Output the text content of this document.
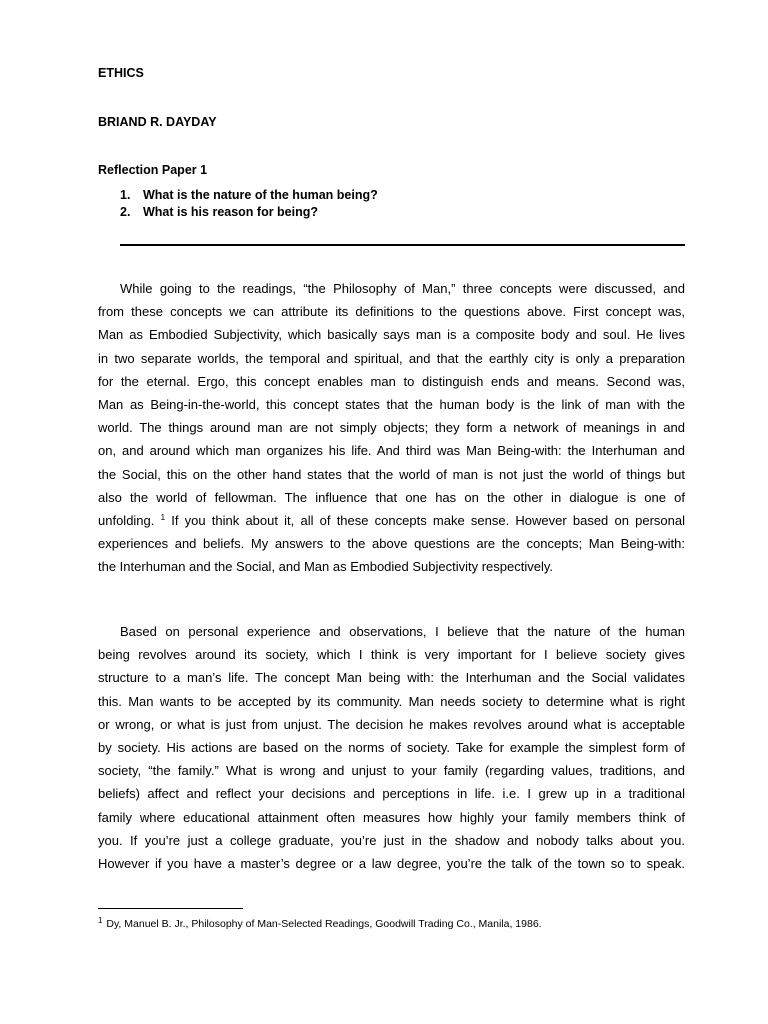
ETHICS
BRIAND R. DAYDAY
Reflection Paper 1
1. What is the nature of the human being?
2. What is his reason for being?
While going to the readings, “the Philosophy of Man,” three concepts were discussed, and
from these concepts we can attribute its definitions to the questions above. First concept was,
Man as Embodied Subjectivity, which basically says man is a composite body and soul. He lives
in two separate worlds, the temporal and spiritual, and that the earthly city is only a preparation
for the eternal. Ergo, this concept enables man to distinguish ends and means. Second was,
Man as Being-in-the-world, this concept states that the human body is the link of man with the
world. The things around man are not simply objects; they form a network of meanings in and
on, and around which man organizes his life. And third was Man Being-with: the Interhuman and
the Social, this on the other hand states that the world of man is not just the world of things but
also the world of fellowman. The influence that one has on the other in dialogue is one of
unfolding. $^1$ If you think about it, all of these concepts make sense. However based on personal
experiences and beliefs. My answers to the above questions are the concepts; Man Being-with:
the Interhuman and the Social, and Man as Embodied Subjectivity respectively.
Based on personal experience and observations, I believe that the nature of the human
being revolves around its society, which I think is very important for I believe society gives
structure to a man’s life. The concept Man being with: the Interhuman and the Social validates
this. Man wants to be accepted by its community. Man needs society to determine what is right
or wrong, or what is just from unjust. The decision he makes revolves around what is acceptable
by society. His actions are based on the norms of society. Take for example the simplest form of
society, “the family.” What is wrong and unjust to your family (regarding values, traditions, and
beliefs) affect and reflect your decisions and perceptions in life. i.e. I grew up in a traditional
family where educational attainment often measures how highly your family members think of
you. If you’re just a college graduate, you’re just in the shadow and nobody talks about you.
However if you have a master’s degree or a law degree, you’re the talk of the town so to speak.
$^1$ Dy, Manuel B. Jr., Philosophy of Man-Selected Readings, Goodwill Trading Co., Manila, 1986.
